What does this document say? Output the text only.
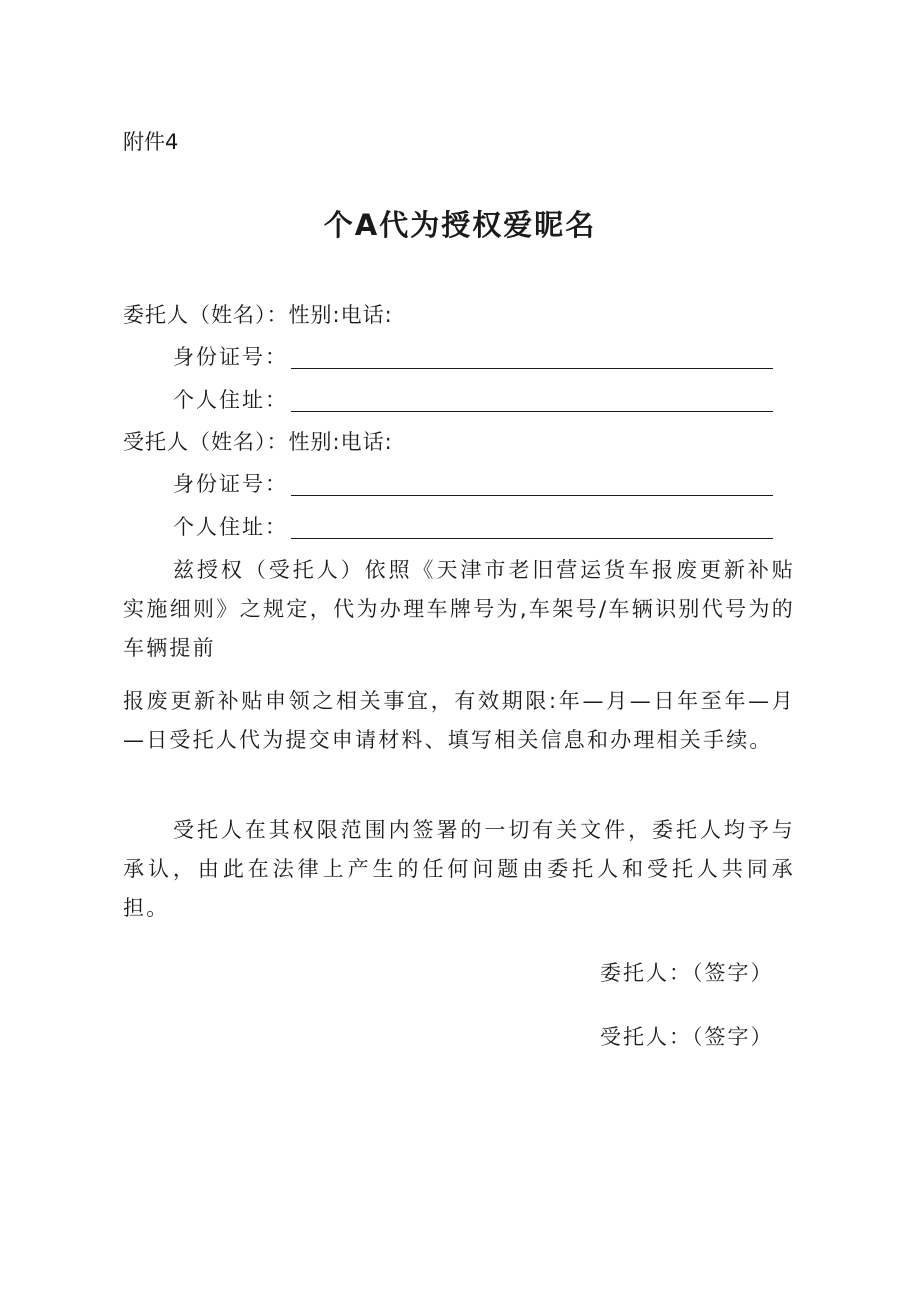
附件4
个A代为授权爱昵名
委托人（姓名）：性别:电话:
身份证号：
个人住址：
受托人（姓名）：性别:电话:
身份证号：
个人住址：
兹授权（受托人）依照《天津市老旧营运货车报废更新补贴实施细则》之规定，代为办理车牌号为,车架号/车辆识别代号为的车辆提前
报废更新补贴申领之相关事宜，有效期限:年—月—日年至年—月—日受托人代为提交申请材料、填写相关信息和办理相关手续。
受托人在其权限范围内签署的一切有关文件，委托人均予与承认，由此在法律上产生的任何问题由委托人和受托人共同承担。
委托人：（签字）
受托人：（签字）
